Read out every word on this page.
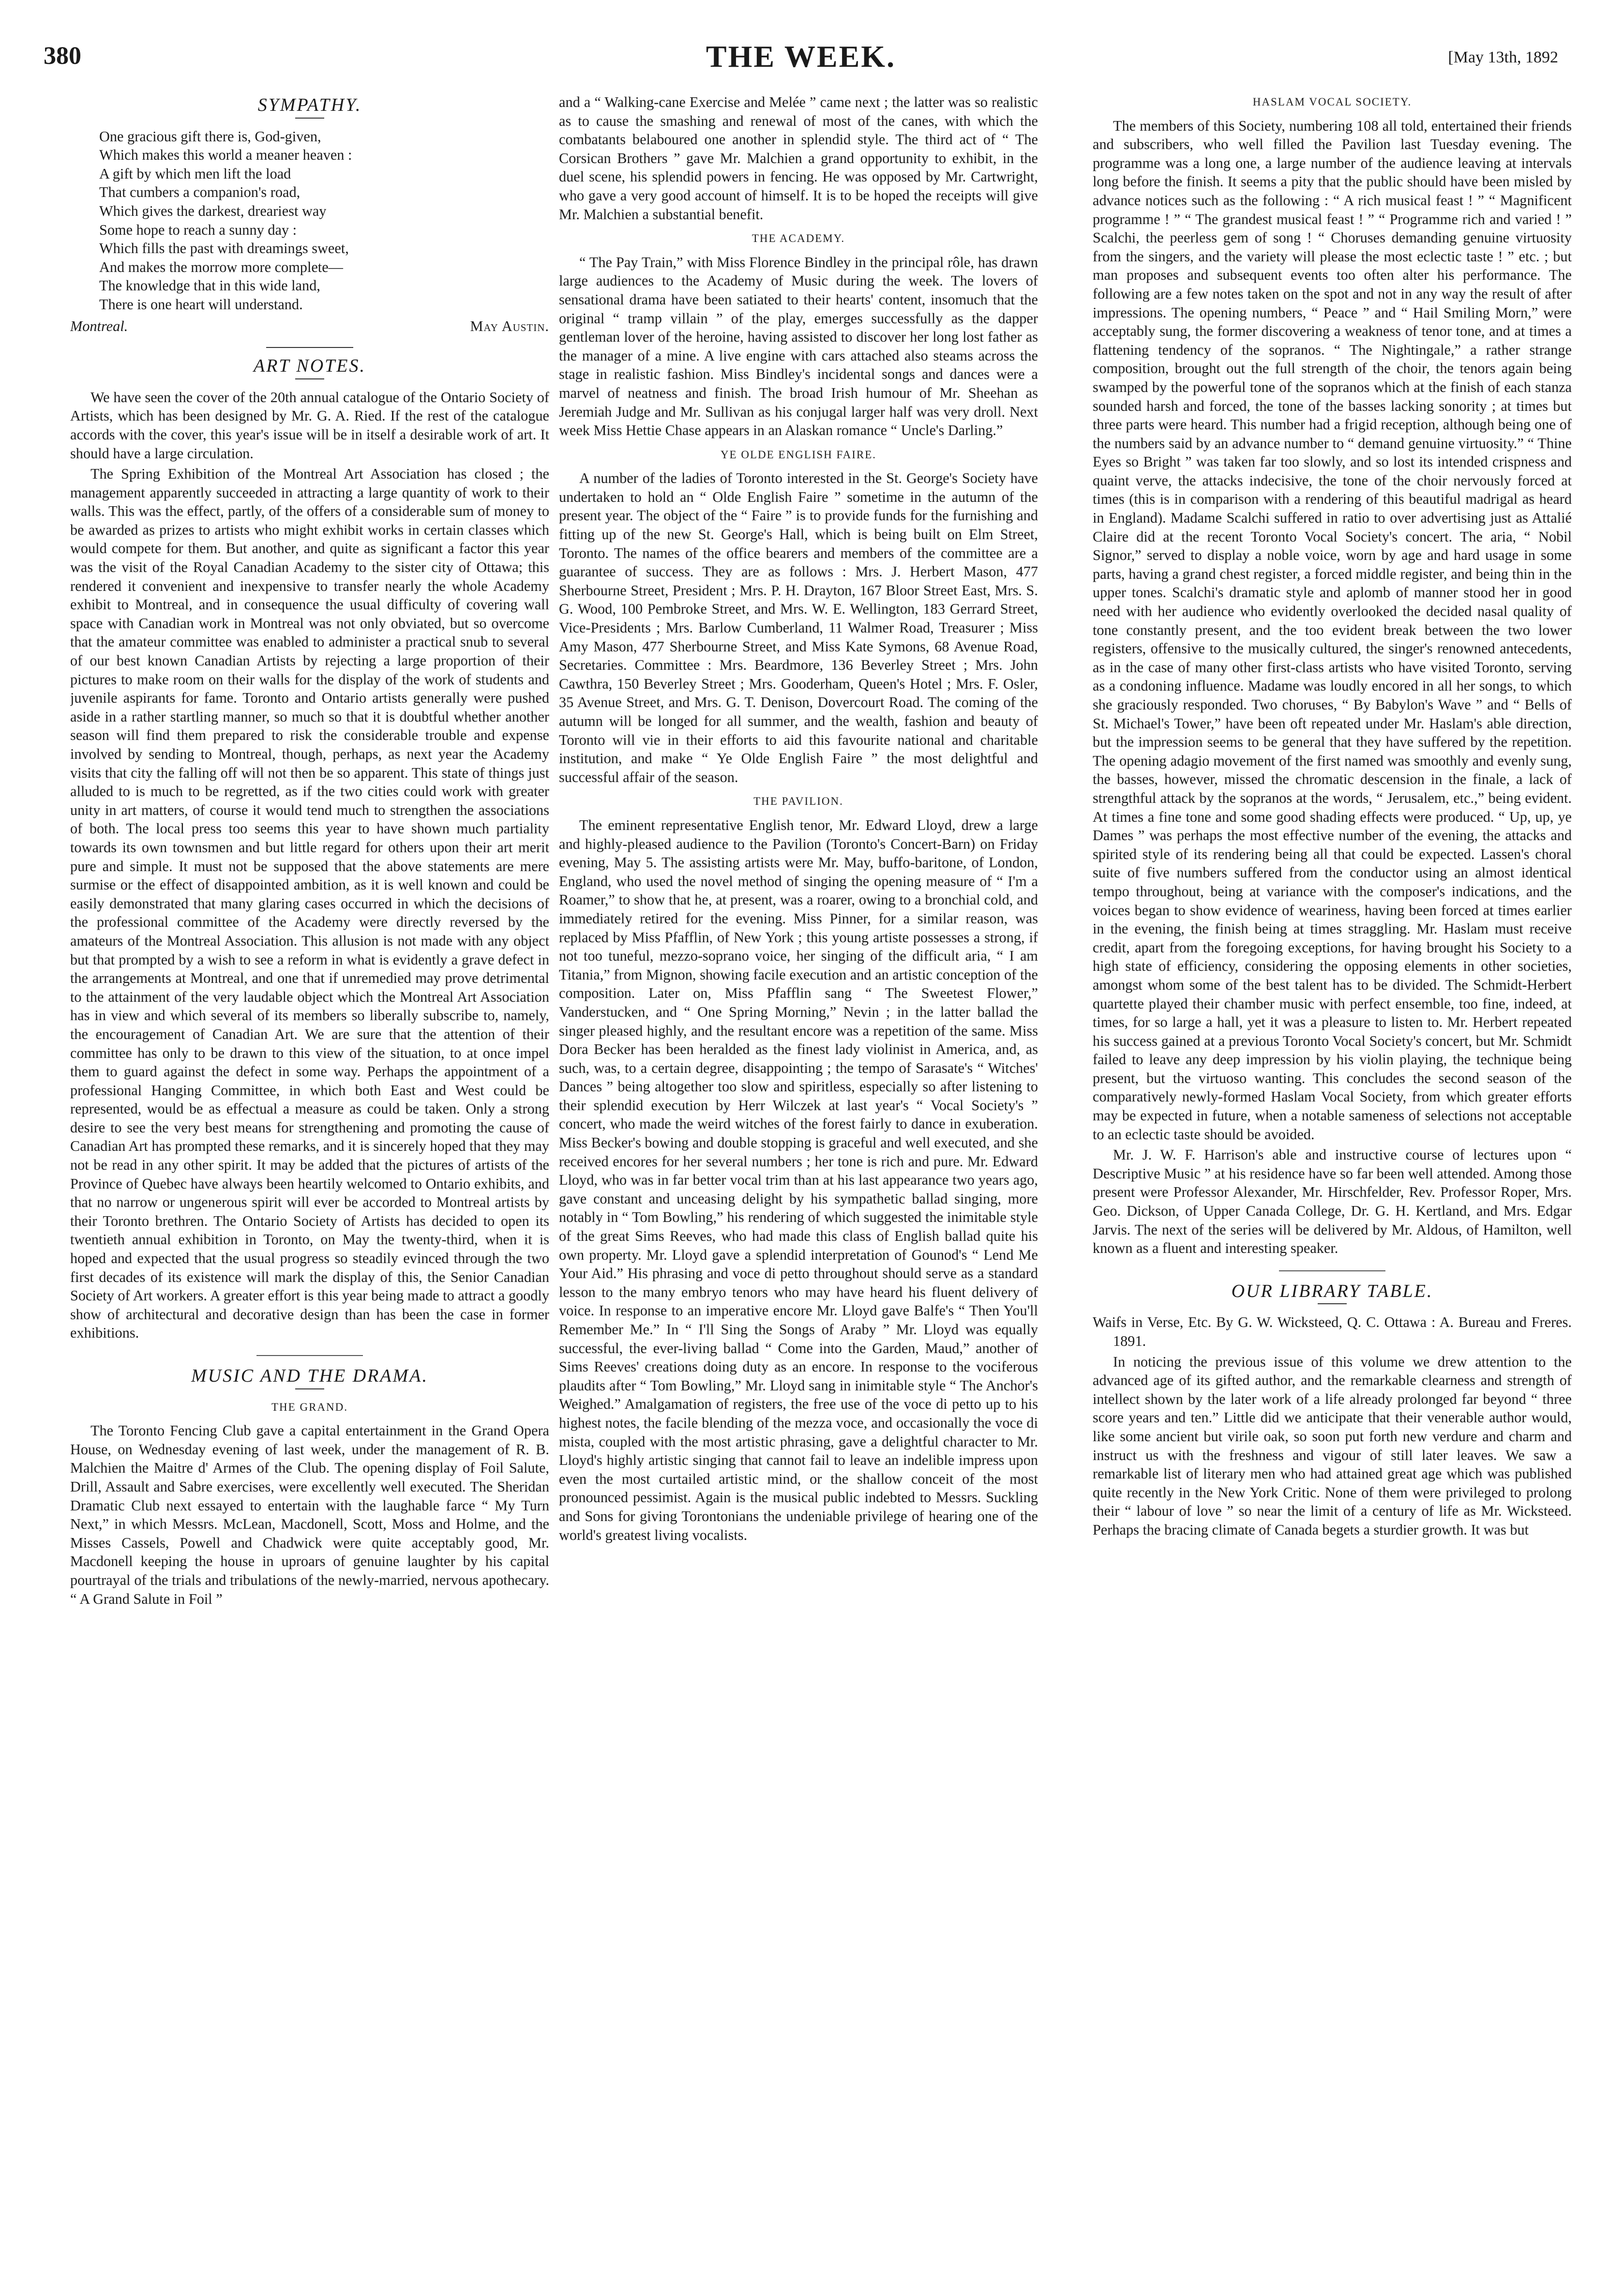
380	THE WEEK.	[May 13th, 1892
SYMPATHY.
One gracious gift there is, God-given,
Which makes this world a meaner heaven :
A gift by which men lift the load
That cumbers a companion's road,
Which gives the darkest, dreariest way
Some hope to reach a sunny day :
Which fills the past with dreamings sweet,
And makes the morrow more complete—
The knowledge that in this wide land,
There is one heart will understand.
Montreal.	May Austin.
ART NOTES.

We have seen the cover of the 20th annual catalogue of the Ontario Society of Artists, which has been designed by Mr. G. A. Ried. If the rest of the catalogue accords with the cover, this year's issue will be in itself a desirable work of art. It should have a large circulation.

The Spring Exhibition of the Montreal Art Association has closed ; the management apparently succeeded in attracting a large quantity of work to their walls. This was the effect, partly, of the offers of a considerable sum of money to be awarded as prizes to artists who might exhibit works in certain classes which would compete for them. But another, and quite as significant a factor this year was the visit of the Royal Canadian Academy to the sister city of Ottawa; this rendered it convenient and inexpensive to transfer nearly the whole Academy exhibit to Montreal, and in consequence the usual difficulty of covering wall space with Canadian work in Montreal was not only obviated, but so overcome that the amateur committee was enabled to administer a practical snub to several of our best known Canadian Artists by rejecting a large proportion of their pictures to make room on their walls for the display of the work of students and juvenile aspirants for fame. Toronto and Ontario artists generally were pushed aside in a rather startling manner, so much so that it is doubtful whether another season will find them prepared to risk the considerable trouble and expense involved by sending to Montreal, though, perhaps, as next year the Academy visits that city the falling off will not then be so apparent. This state of things just alluded to is much to be regretted, as if the two cities could work with greater unity in art matters, of course it would tend much to strengthen the associations of both. The local press too seems this year to have shown much partiality towards its own townsmen and but little regard for others upon their art merit pure and simple. It must not be supposed that the above statements are mere surmise or the effect of disappointed ambition, as it is well known and could be easily demonstrated that many glaring cases occurred in which the decisions of the professional committee of the Academy were directly reversed by the amateurs of the Montreal Association. This allusion is not made with any object but that prompted by a wish to see a reform in what is evidently a grave defect in the arrangements at Montreal, and one that if unremedied may prove detrimental to the attainment of the very laudable object which the Montreal Art Association has in view and which several of its members so liberally subscribe to, namely, the encouragement of Canadian Art. We are sure that the attention of their committee has only to be drawn to this view of the situation, to at once impel them to guard against the defect in some way. Perhaps the appointment of a professional Hanging Committee, in which both East and West could be represented, would be as effectual a measure as could be taken. Only a strong desire to see the very best means for strengthening and promoting the cause of Canadian Art has prompted these remarks, and it is sincerely hoped that they may not be read in any other spirit. It may be added that the pictures of artists of the Province of Quebec have always been heartily welcomed to Ontario exhibits, and that no narrow or ungenerous spirit will ever be accorded to Montreal artists by their Toronto brethren. The Ontario Society of Artists has decided to open its twentieth annual exhibition in Toronto, on May the twenty-third, when it is hoped and expected that the usual progress so steadily evinced through the two first decades of its existence will mark the display of this, the Senior Canadian Society of Art workers. A greater effort is this year being made to attract a goodly show of architectural and decorative design than has been the case in former exhibitions.

MUSIC AND THE DRAMA.
THE GRAND.

The Toronto Fencing Club gave a capital entertainment in the Grand Opera House, on Wednesday evening of last week, under the management of R. B. Malchien the Maitre d' Armes of the Club. The opening display of Foil Salute, Drill, Assault and Sabre exercises, were excellently well executed. The Sheridan Dramatic Club next essayed to entertain with the laughable farce “ My Turn Next,” in which Messrs. McLean, Macdonell, Scott, Moss and Holme, and the Misses Cassels, Powell and Chadwick were quite acceptably good, Mr. Macdonell keeping the house in uproars of genuine laughter by his capital pourtrayal of the trials and tribulations of the newly-married, nervous apothecary. “ A Grand Salute in Foil ”

and a “ Walking-cane Exercise and Melée ” came next ; the latter was so realistic as to cause the smashing and renewal of most of the canes, with which the combatants belaboured one another in splendid style. The third act of “ The Corsican Brothers ” gave Mr. Malchien a grand opportunity to exhibit, in the duel scene, his splendid powers in fencing. He was opposed by Mr. Cartwright, who gave a very good account of himself. It is to be hoped the receipts will give Mr. Malchien a substantial benefit.

THE ACADEMY.

“ The Pay Train,” with Miss Florence Bindley in the principal rôle, has drawn large audiences to the Academy of Music during the week. The lovers of sensational drama have been satiated to their hearts' content, insomuch that the original “ tramp villain ” of the play, emerges successfully as the dapper gentleman lover of the heroine, having assisted to discover her long lost father as the manager of a mine. A live engine with cars attached also steams across the stage in realistic fashion. Miss Bindley's incidental songs and dances were a marvel of neatness and finish. The broad Irish humour of Mr. Sheehan as Jeremiah Judge and Mr. Sullivan as his conjugal larger half was very droll. Next week Miss Hettie Chase appears in an Alaskan romance “ Uncle's Darling.”

YE OLDE ENGLISH FAIRE.

A number of the ladies of Toronto interested in the St. George's Society have undertaken to hold an “ Olde English Faire ” sometime in the autumn of the present year. The object of the “ Faire ” is to provide funds for the furnishing and fitting up of the new St. George's Hall, which is being built on Elm Street, Toronto. The names of the office bearers and members of the committee are a guarantee of success. They are as follows : Mrs. J. Herbert Mason, 477 Sherbourne Street, President ; Mrs. P. H. Drayton, 167 Bloor Street East, Mrs. S. G. Wood, 100 Pembroke Street, and Mrs. W. E. Wellington, 183 Gerrard Street, Vice-Presidents ; Mrs. Barlow Cumberland, 11 Walmer Road, Treasurer ; Miss Amy Mason, 477 Sherbourne Street, and Miss Kate Symons, 68 Avenue Road, Secretaries. Committee : Mrs. Beardmore, 136 Beverley Street ; Mrs. John Cawthra, 150 Beverley Street ; Mrs. Gooderham, Queen's Hotel ; Mrs. F. Osler, 35 Avenue Street, and Mrs. G. T. Denison, Dovercourt Road. The coming of the autumn will be longed for all summer, and the wealth, fashion and beauty of Toronto will vie in their efforts to aid this favourite national and charitable institution, and make “ Ye Olde English Faire ” the most delightful and successful affair of the season.

THE PAVILION.

The eminent representative English tenor, Mr. Edward Lloyd, drew a large and highly-pleased audience to the Pavilion (Toronto's Concert-Barn) on Friday evening, May 5. The assisting artists were Mr. May, buffo-baritone, of London, England, who used the novel method of singing the opening measure of “ I'm a Roamer,” to show that he, at present, was a roarer, owing to a bronchial cold, and immediately retired for the evening. Miss Pinner, for a similar reason, was replaced by Miss Pfafflin, of New York ; this young artiste possesses a strong, if not too tuneful, mezzo-soprano voice, her singing of the difficult aria, “ I am Titania,” from Mignon, showing facile execution and an artistic conception of the composition. Later on, Miss Pfafflin sang “ The Sweetest Flower,” Vanderstucken, and “ One Spring Morning,” Nevin ; in the latter ballad the singer pleased highly, and the resultant encore was a repetition of the same. Miss Dora Becker has been heralded as the finest lady violinist in America, and, as such, was, to a certain degree, disappointing ; the tempo of Sarasate's “ Witches' Dances ” being altogether too slow and spiritless, especially so after listening to their splendid execution by Herr Wilczek at last year's “ Vocal Society's ” concert, who made the weird witches of the forest fairly to dance in exuberation. Miss Becker's bowing and double stopping is graceful and well executed, and she received encores for her several numbers ; her tone is rich and pure. Mr. Edward Lloyd, who was in far better vocal trim than at his last appearance two years ago, gave constant and unceasing delight by his sympathetic ballad singing, more notably in “ Tom Bowling,” his rendering of which suggested the inimitable style of the great Sims Reeves, who had made this class of English ballad quite his own property. Mr. Lloyd gave a splendid interpretation of Gounod's “ Lend Me Your Aid.” His phrasing and voce di petto throughout should serve as a standard lesson to the many embryo tenors who may have heard his fluent delivery of voice. In response to an imperative encore Mr. Lloyd gave Balfe's “ Then You'll Remember Me.” In “ I'll Sing the Songs of Araby ” Mr. Lloyd was equally successful, the ever-living ballad “ Come into the Garden, Maud,” another of Sims Reeves' creations doing duty as an encore. In response to the vociferous plaudits after “ Tom Bowling,” Mr. Lloyd sang in inimitable style “ The Anchor's Weighed.” Amalgamation of registers, the free use of the voce di petto up to his highest notes, the facile blending of the mezza voce, and occasionally the voce di mista, coupled with the most artistic phrasing, gave a delightful character to Mr. Lloyd's highly artistic singing that cannot fail to leave an indelible impress upon even the most curtailed artistic mind, or the shallow conceit of the most pronounced pessimist. Again is the musical public indebted to Messrs. Suckling and Sons for giving Torontonians the undeniable privilege of hearing one of the world's greatest living vocalists.

HASLAM VOCAL SOCIETY.

The members of this Society, numbering 108 all told, entertained their friends and subscribers, who well filled the Pavilion last Tuesday evening. The programme was a long one, a large number of the audience leaving at intervals long before the finish. It seems a pity that the public should have been misled by advance notices such as the following : “ A rich musical feast ! ” “ Magnificent programme ! ” “ The grandest musical feast ! ” “ Programme rich and varied ! ” Scalchi, the peerless gem of song ! “ Choruses demanding genuine virtuosity from the singers, and the variety will please the most eclectic taste ! ” etc. ; but man proposes and subsequent events too often alter his performance. The following are a few notes taken on the spot and not in any way the result of after impressions. The opening numbers, “ Peace ” and “ Hail Smiling Morn,” were acceptably sung, the former discovering a weakness of tenor tone, and at times a flattening tendency of the sopranos. “ The Nightingale,” a rather strange composition, brought out the full strength of the choir, the tenors again being swamped by the powerful tone of the sopranos which at the finish of each stanza sounded harsh and forced, the tone of the basses lacking sonority ; at times but three parts were heard. This number had a frigid reception, although being one of the numbers said by an advance number to “ demand genuine virtuosity.” “ Thine Eyes so Bright ” was taken far too slowly, and so lost its intended crispness and quaint verve, the attacks indecisive, the tone of the choir nervously forced at times (this is in comparison with a rendering of this beautiful madrigal as heard in England). Madame Scalchi suffered in ratio to over advertising just as Attalié Claire did at the recent Toronto Vocal Society's concert. The aria, “ Nobil Signor,” served to display a noble voice, worn by age and hard usage in some parts, having a grand chest register, a forced middle register, and being thin in the upper tones. Scalchi's dramatic style and aplomb of manner stood her in good need with her audience who evidently overlooked the decided nasal quality of tone constantly present, and the too evident break between the two lower registers, offensive to the musically cultured, the singer's renowned antecedents, as in the case of many other first-class artists who have visited Toronto, serving as a condoning influence. Madame was loudly encored in all her songs, to which she graciously responded. Two choruses, “ By Babylon's Wave ” and “ Bells of St. Michael's Tower,” have been oft repeated under Mr. Haslam's able direction, but the impression seems to be general that they have suffered by the repetition. The opening adagio movement of the first named was smoothly and evenly sung, the basses, however, missed the chromatic descension in the finale, a lack of strengthful attack by the sopranos at the words, “ Jerusalem, etc.,” being evident. At times a fine tone and some good shading effects were produced. “ Up, up, ye Dames ” was perhaps the most effective number of the evening, the attacks and spirited style of its rendering being all that could be expected. Lassen's choral suite of five numbers suffered from the conductor using an almost identical tempo throughout, being at variance with the composer's indications, and the voices began to show evidence of weariness, having been forced at times earlier in the evening, the finish being at times straggling. Mr. Haslam must receive credit, apart from the foregoing exceptions, for having brought his Society to a high state of efficiency, considering the opposing elements in other societies, amongst whom some of the best talent has to be divided. The Schmidt-Herbert quartette played their chamber music with perfect ensemble, too fine, indeed, at times, for so large a hall, yet it was a pleasure to listen to. Mr. Herbert repeated his success gained at a previous Toronto Vocal Society's concert, but Mr. Schmidt failed to leave any deep impression by his violin playing, the technique being present, but the virtuoso wanting. This concludes the second season of the comparatively newly-formed Haslam Vocal Society, from which greater efforts may be expected in future, when a notable sameness of selections not acceptable to an eclectic taste should be avoided.

Mr. J. W. F. Harrison's able and instructive course of lectures upon “ Descriptive Music ” at his residence have so far been well attended. Among those present were Professor Alexander, Mr. Hirschfelder, Rev. Professor Roper, Mrs. Geo. Dickson, of Upper Canada College, Dr. G. H. Kertland, and Mrs. Edgar Jarvis. The next of the series will be delivered by Mr. Aldous, of Hamilton, well known as a fluent and interesting speaker.

OUR LIBRARY TABLE.

Waifs in Verse, Etc. By G. W. Wicksteed, Q. C. Ottawa : A. Bureau and Freres. 1891.

In noticing the previous issue of this volume we drew attention to the advanced age of its gifted author, and the remarkable clearness and strength of intellect shown by the later work of a life already prolonged far beyond “ three score years and ten.” Little did we anticipate that their venerable author would, like some ancient but virile oak, so soon put forth new verdure and charm and instruct us with the freshness and vigour of still later leaves. We saw a remarkable list of literary men who had attained great age which was published quite recently in the New York Critic. None of them were privileged to prolong their “ labour of love ” so near the limit of a century of life as Mr. Wicksteed. Perhaps the bracing climate of Canada begets a sturdier growth. It was but
